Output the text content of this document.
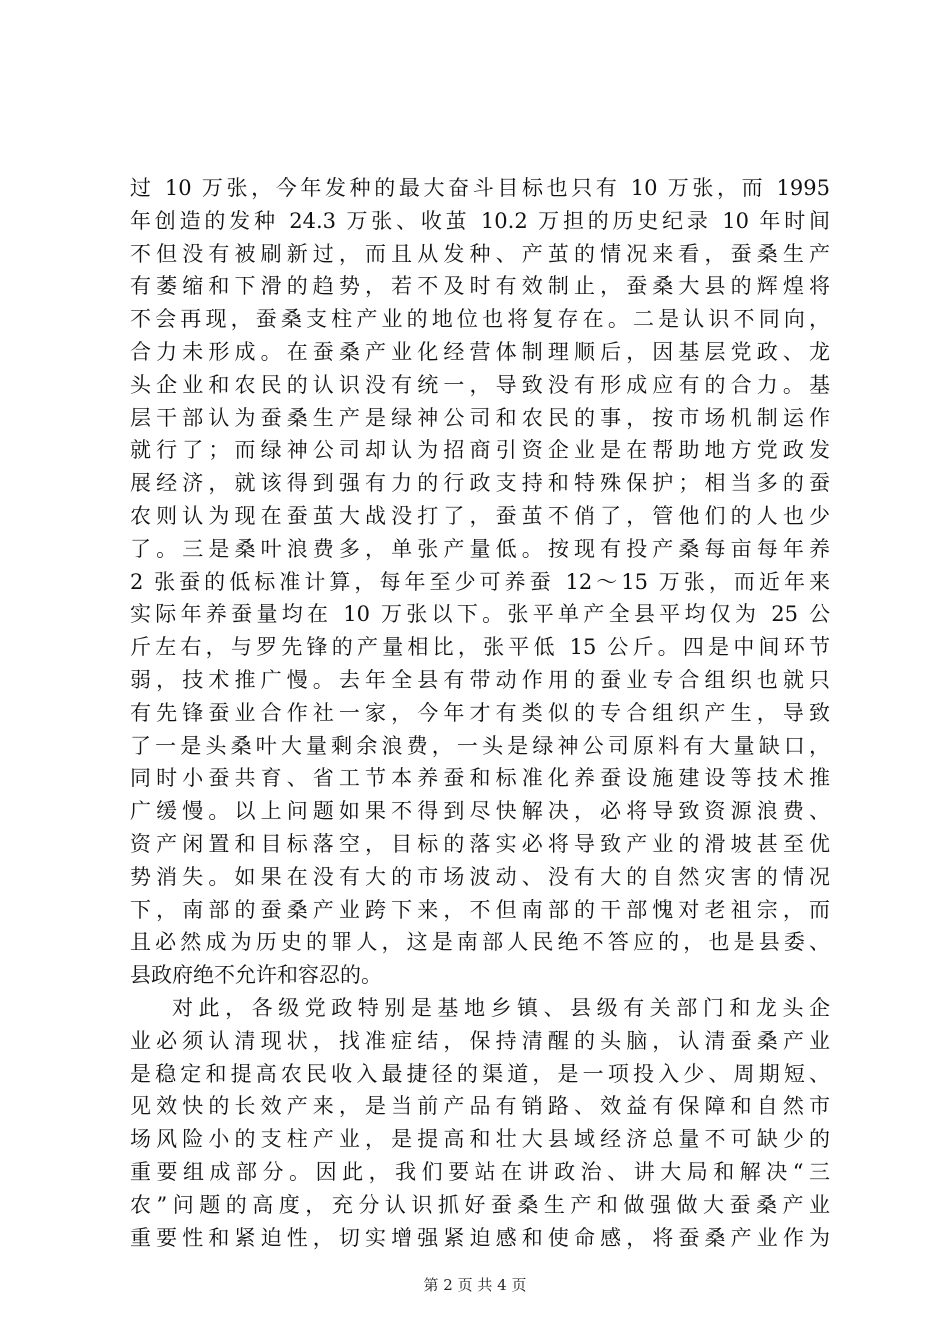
过 10 万张，今年发种的最大奋斗目标也只有 10 万张，而 1995
年创造的发种 24.3 万张、收茧 10.2 万担的历史纪录 10 年时间
不但没有被刷新过，而且从发种、产茧的情况来看，蚕桑生产
有萎缩和下滑的趋势，若不及时有效制止，蚕桑大县的辉煌将
不会再现，蚕桑支柱产业的地位也将复存在。二是认识不同向，
合力未形成。在蚕桑产业化经营体制理顺后，因基层党政、龙
头企业和农民的认识没有统一，导致没有形成应有的合力。基
层干部认为蚕桑生产是绿神公司和农民的事，按市场机制运作
就行了；而绿神公司却认为招商引资企业是在帮助地方党政发
展经济，就该得到强有力的行政支持和特殊保护；相当多的蚕
农则认为现在蚕茧大战没打了，蚕茧不俏了，管他们的人也少
了。三是桑叶浪费多，单张产量低。按现有投产桑每亩每年养
2 张蚕的低标准计算，每年至少可养蚕 12～15 万张，而近年来
实际年养蚕量均在 10 万张以下。张平单产全县平均仅为 25 公
斤左右，与罗先锋的产量相比，张平低 15 公斤。四是中间环节
弱，技术推广慢。去年全县有带动作用的蚕业专合组织也就只
有先锋蚕业合作社一家，今年才有类似的专合组织产生，导致
了一是头桑叶大量剩余浪费，一头是绿神公司原料有大量缺口，
同时小蚕共育、省工节本养蚕和标准化养蚕设施建设等技术推
广缓慢。以上问题如果不得到尽快解决，必将导致资源浪费、
资产闲置和目标落空，目标的落实必将导致产业的滑坡甚至优
势消失。如果在没有大的市场波动、没有大的自然灾害的情况
下，南部的蚕桑产业跨下来，不但南部的干部愧对老祖宗，而
且必然成为历史的罪人，这是南部人民绝不答应的，也是县委、
县政府绝不允许和容忍的。
对此，各级党政特别是基地乡镇、县级有关部门和龙头企
业必须认清现状，找准症结，保持清醒的头脑，认清蚕桑产业
是稳定和提高农民收入最捷径的渠道，是一项投入少、周期短、
见效快的长效产来，是当前产品有销路、效益有保障和自然市
场风险小的支柱产业，是提高和壮大县域经济总量不可缺少的
重要组成部分。因此，我们要站在讲政治、讲大局和解决“三
农”问题的高度，充分认识抓好蚕桑生产和做强做大蚕桑产业
重要性和紧迫性，切实增强紧迫感和使命感，将蚕桑产业作为
第 2 页 共 4 页
